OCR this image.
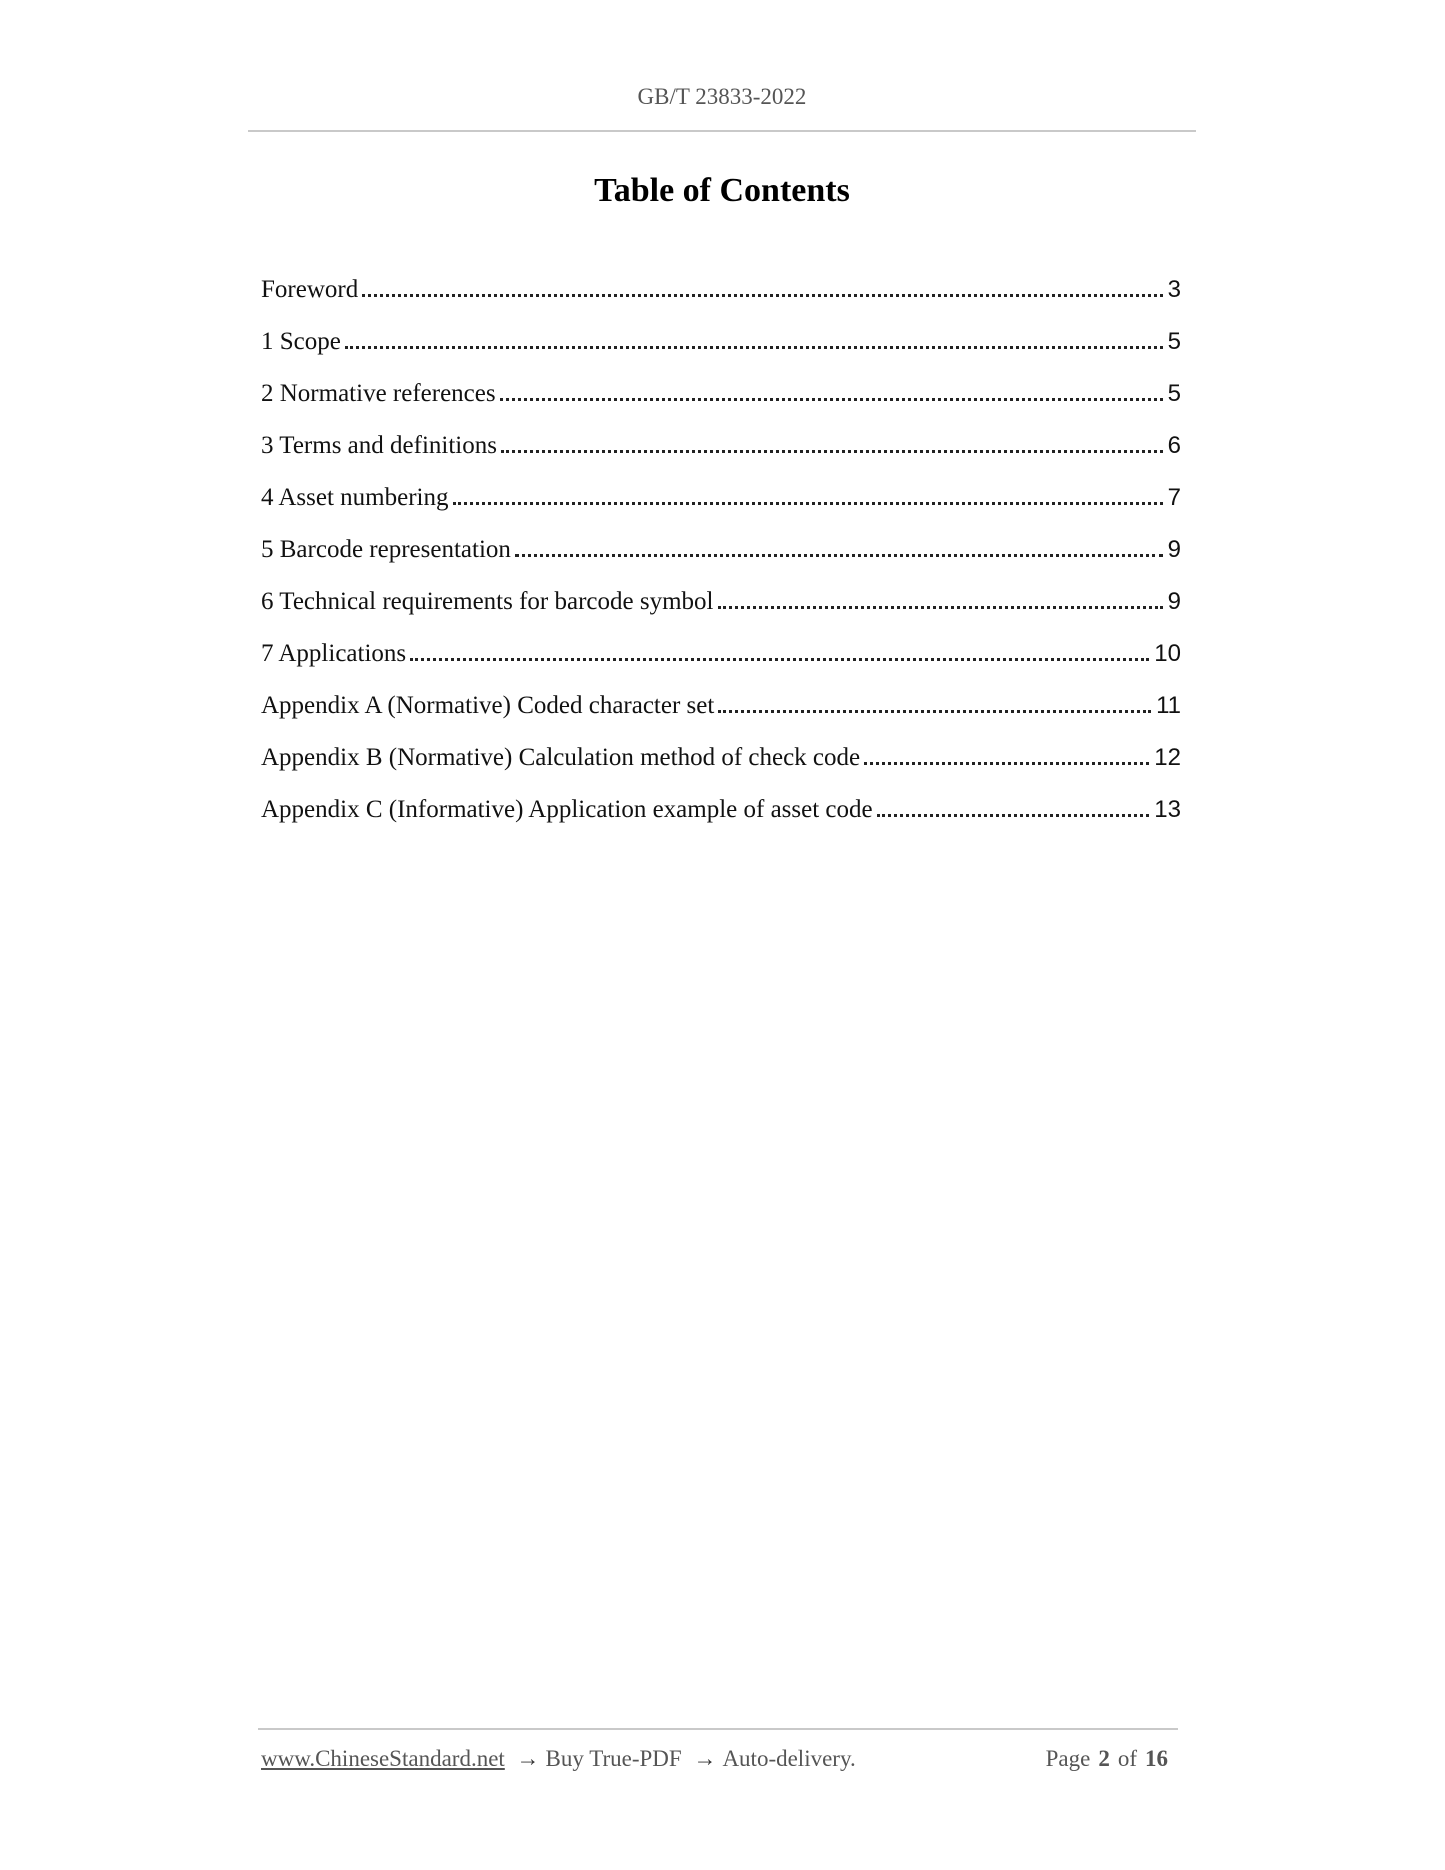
GB/T 23833-2022
Table of Contents
Foreword	3
1 Scope	5
2 Normative references	5
3 Terms and definitions	6
4 Asset numbering	7
5 Barcode representation	9
6 Technical requirements for barcode symbol	9
7 Applications	10
Appendix A (Normative) Coded character set	11
Appendix B (Normative) Calculation method of check code	12
Appendix C (Informative) Application example of asset code	13
www.ChineseStandard.net → Buy True-PDF → Auto-delivery.	Page 2 of 16
